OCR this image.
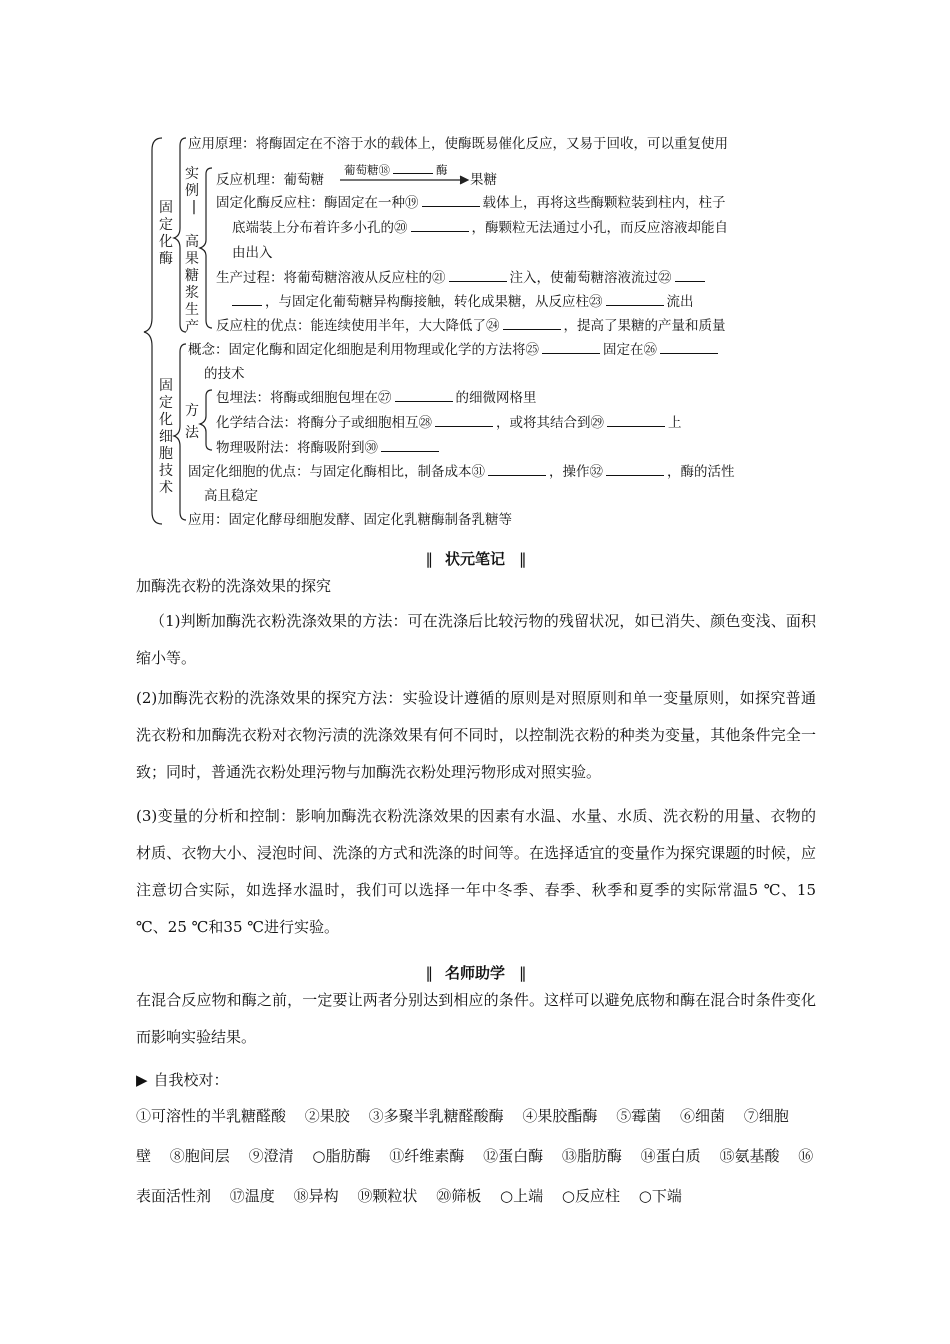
固定化酶
实例
|
高果糖浆生产
固定化细胞技术
方法
应用原理：将酶固定在不溶于水的载体上，使酶既易催化反应，又易于回收，可以重复使用
反应机理：葡萄糖
葡萄糖⑱	酶
果糖
固定化酶反应柱：酶固定在一种⑲	载体上，再将这些酶颗粒装到柱内，柱子
底端装上分布着许多小孔的⑳	，酶颗粒无法通过小孔，而反应溶液却能自
由出入
生产过程：将葡萄糖溶液从反应柱的㉑	注入，使葡萄糖溶液流过㉒
，与固定化葡萄糖异构酶接触，转化成果糖，从反应柱㉓	流出
反应柱的优点：能连续使用半年，大大降低了㉔	，提高了果糖的产量和质量
概念：固定化酶和固定化细胞是利用物理或化学的方法将㉕	固定在㉖
的技术
包埋法：将酶或细胞包埋在㉗	的细微网格里
化学结合法：将酶分子或细胞相互㉘	，或将其结合到㉙	上
物理吸附法：将酶吸附到㉚
固定化细胞的优点：与固定化酶相比，制备成本㉛	，操作㉜	，酶的活性
高且稳定
应用：固定化酵母细胞发酵、固定化乳糖酶制备乳糖等
‖ 状元笔记 ‖

加酶洗衣粉的洗涤效果的探究

（1)判断加酶洗衣粉洗涤效果的方法：可在洗涤后比较污物的残留状况，如已消失、颜色变浅、面积缩小等。

(2)加酶洗衣粉的洗涤效果的探究方法：实验设计遵循的原则是对照原则和单一变量原则，如探究普通洗衣粉和加酶洗衣粉对衣物污渍的洗涤效果有何不同时，以控制洗衣粉的种类为变量，其他条件完全一致；同时，普通洗衣粉处理污物与加酶洗衣粉处理污物形成对照实验。

(3)变量的分析和控制：影响加酶洗衣粉洗涤效果的因素有水温、水量、水质、洗衣粉的用量、衣物的材质、衣物大小、浸泡时间、洗涤的方式和洗涤的时间等。在选择适宜的变量作为探究课题的时候，应注意切合实际，如选择水温时，我们可以选择一年中冬季、春季、秋季和夏季的实际常温5 ℃、15 ℃、25 ℃和35 ℃进行实验。

‖ 名师助学 ‖

在混合反应物和酶之前，一定要让两者分别达到相应的条件。这样可以避免底物和酶在混合时条件变化而影响实验结果。

▶ 自我校对：
①可溶性的半乳糖醛酸 ②果胶 ③多聚半乳糖醛酸酶 ④果胶酯酶 ⑤霉菌 ⑥细菌 ⑦细胞壁 ⑧胞间层 ⑨澄清 ○脂肪酶 ⑪纤维素酶 ⑫蛋白酶 ⑬脂肪酶 ⑭蛋白质 ⑮氨基酸 ⑯表面活性剂 ⑰温度 ⑱异构 ⑲颗粒状 ⑳筛板 ○上端 ○反应柱 ○下端
